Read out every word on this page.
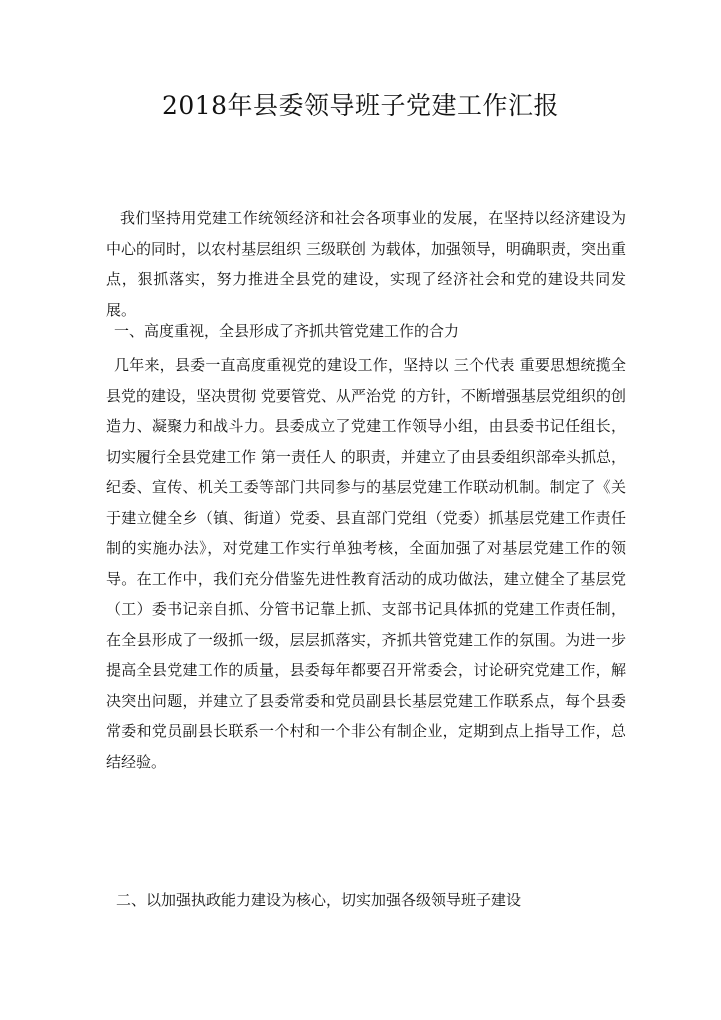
2018年县委领导班子党建工作汇报

我们坚持用党建工作统领经济和社会各项事业的发展，在坚持以经济建设为中心的同时，以农村基层组织 三级联创 为载体，加强领导，明确职责，突出重点，狠抓落实，努力推进全县党的建设，实现了经济社会和党的建设共同发展。

一、高度重视，全县形成了齐抓共管党建工作的合力

几年来，县委一直高度重视党的建设工作，坚持以 三个代表 重要思想统揽全县党的建设，坚决贯彻 党要管党、从严治党 的方针，不断增强基层党组织的创造力、凝聚力和战斗力。县委成立了党建工作领导小组，由县委书记任组长，切实履行全县党建工作 第一责任人 的职责，并建立了由县委组织部牵头抓总，纪委、宣传、机关工委等部门共同参与的基层党建工作联动机制。制定了《关于建立健全乡（镇、街道）党委、县直部门党组（党委）抓基层党建工作责任制的实施办法》，对党建工作实行单独考核，全面加强了对基层党建工作的领导。在工作中，我们充分借鉴先进性教育活动的成功做法，建立健全了基层党（工）委书记亲自抓、分管书记靠上抓、支部书记具体抓的党建工作责任制，在全县形成了一级抓一级，层层抓落实，齐抓共管党建工作的氛围。为进一步提高全县党建工作的质量，县委每年都要召开常委会，讨论研究党建工作，解决突出问题，并建立了县委常委和党员副县长基层党建工作联系点，每个县委常委和党员副县长联系一个村和一个非公有制企业，定期到点上指导工作，总结经验。

二、以加强执政能力建设为核心，切实加强各级领导班子建设
